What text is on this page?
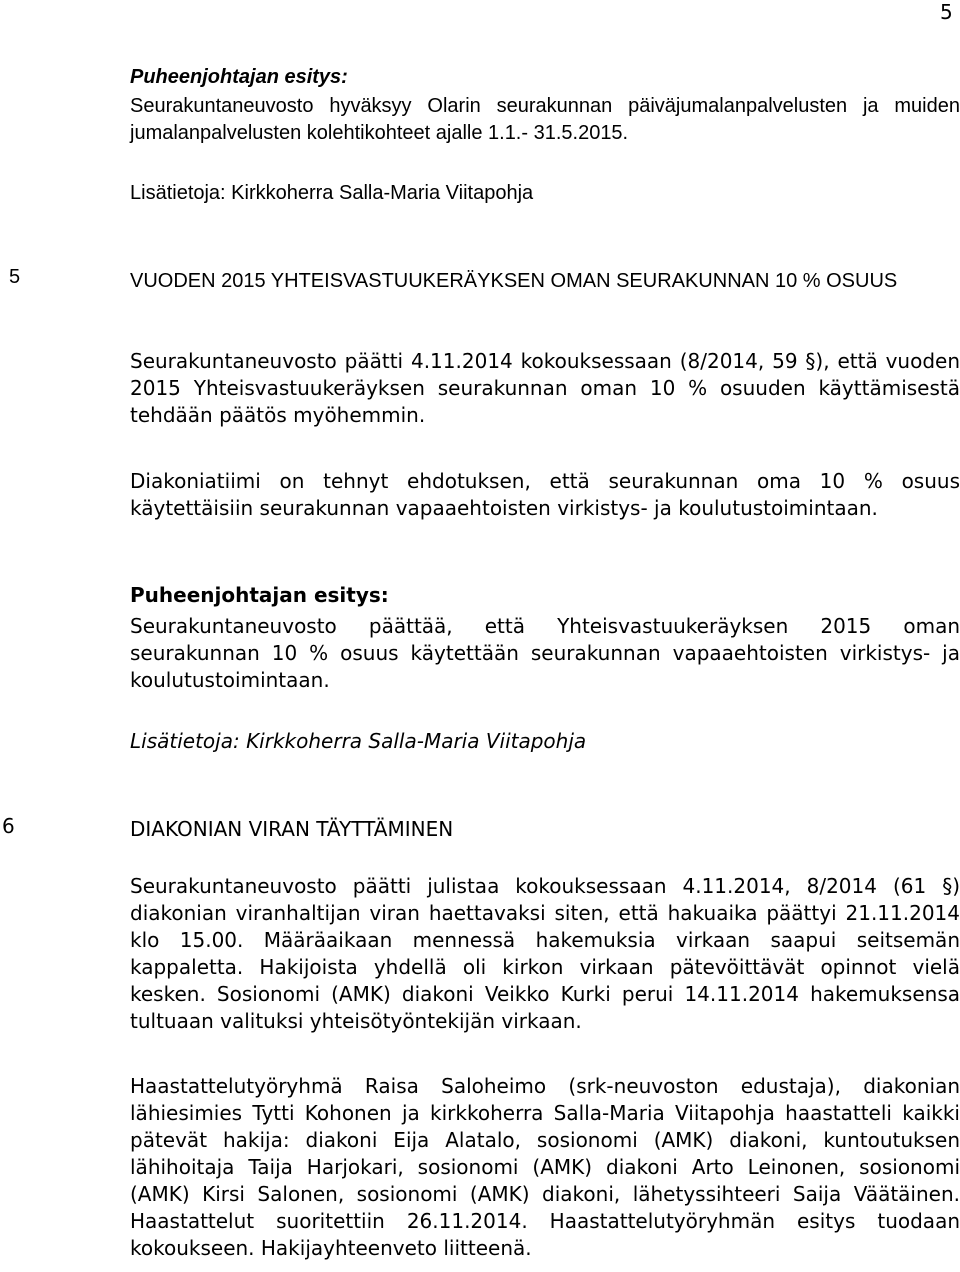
5

Puheenjohtajan esitys:

Seurakuntaneuvosto hyväksyy Olarin seurakunnan päiväjumalanpalvelusten ja muiden jumalanpalvelusten kolehtikohteet ajalle 1.1.- 31.5.2015.

Lisätietoja: Kirkkoherra Salla-Maria Viitapohja
5	VUODEN 2015 YHTEISVASTUUKERÄYKSEN OMAN SEURAKUNNAN 10 % OSUUS
Seurakuntaneuvosto päätti 4.11.2014 kokouksessaan (8/2014, 59 §), että vuoden 2015 Yhteisvastuukeräyksen seurakunnan oman 10 % osuuden käyttämisestä tehdään päätös myöhemmin.
Diakoniatiimi on tehnyt ehdotuksen, että seurakunnan oma 10 % osuus käytettäisiin seurakunnan vapaaehtoisten virkistys- ja koulutustoimintaan.

Puheenjohtajan esitys:

Seurakuntaneuvosto päättää, että Yhteisvastuukeräyksen 2015 oman seurakunnan 10 % osuus käytettään seurakunnan vapaaehtoisten virkistys- ja koulutustoimintaan.

Lisätietoja: Kirkkoherra Salla-Maria Viitapohja
6	DIAKONIAN VIRAN TÄYTTÄMINEN
Seurakuntaneuvosto päätti julistaa kokouksessaan 4.11.2014, 8/2014 (61 §) diakonian viranhaltijan viran haettavaksi siten, että hakuaika päättyi 21.11.2014 klo 15.00. Määräaikaan mennessä hakemuksia virkaan saapui seitsemän kappaletta. Hakijoista yhdellä oli kirkon virkaan pätevöittävät opinnot vielä kesken. Sosionomi (AMK) diakoni Veikko Kurki perui 14.11.2014 hakemuksensa tultuaan valituksi yhteisötyöntekijän virkaan.
Haastattelutyöryhmä Raisa Saloheimo (srk-neuvoston edustaja), diakonian lähiesimies Tytti Kohonen ja kirkkoherra Salla-Maria Viitapohja haastatteli kaikki pätevät hakija: diakoni Eija Alatalo, sosionomi (AMK) diakoni, kuntoutuksen lähihoitaja Taija Harjokari, sosionomi (AMK) diakoni Arto Leinonen, sosionomi (AMK) Kirsi Salonen, sosionomi (AMK) diakoni, lähetyssihteeri Saija Väätäinen. Haastattelut suoritettiin 26.11.2014. Haastattelutyöryhmän esitys tuodaan kokoukseen. Hakijayhteenveto liitteenä.
